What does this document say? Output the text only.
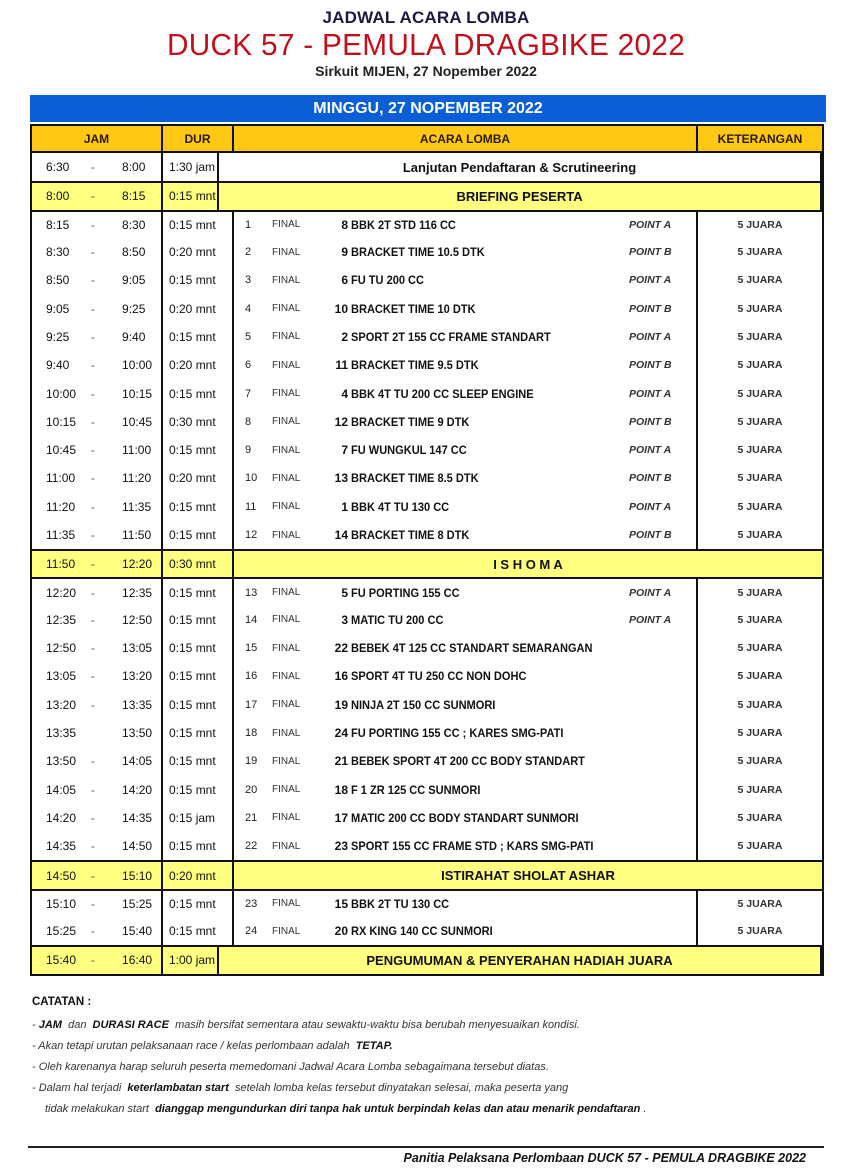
JADWAL ACARA LOMBA
DUCK 57 - PEMULA DRAGBIKE 2022
Sirkuit MIJEN, 27 Nopember 2022
MINGGU, 27 NOPEMBER 2022
JAM	DUR	ACARA LOMBA	KETERANGAN
6:30	-	8:00	1:30 jam	Lanjutan Pendaftaran & Scrutineering
8:00	-	8:15	0:15 mnt	BRIEFING PESERTA
8:15	-	8:30	0:15 mnt	1 FINAL	8 BBK 2T STD 116 CC	POINT A	5 JUARA
8:30	-	8:50	0:20 mnt	2 FINAL	9 BRACKET TIME 10.5 DTK	POINT B	5 JUARA
8:50	-	9:05	0:15 mnt	3 FINAL	6 FU TU 200 CC	POINT A	5 JUARA
9:05	-	9:25	0:20 mnt	4 FINAL	10 BRACKET TIME 10 DTK	POINT B	5 JUARA
9:25	-	9:40	0:15 mnt	5 FINAL	2 SPORT 2T 155 CC FRAME STANDART	POINT A	5 JUARA
9:40	-	10:00	0:20 mnt	6 FINAL	11 BRACKET TIME 9.5 DTK	POINT B	5 JUARA
10:00	-	10:15	0:15 mnt	7 FINAL	4 BBK 4T TU 200 CC SLEEP ENGINE	POINT A	5 JUARA
10:15	-	10:45	0:30 mnt	8 FINAL	12 BRACKET TIME 9 DTK	POINT B	5 JUARA
10:45	-	11:00	0:15 mnt	9 FINAL	7 FU WUNGKUL 147 CC	POINT A	5 JUARA
11:00	-	11:20	0:20 mnt	10 FINAL	13 BRACKET TIME 8.5 DTK	POINT B	5 JUARA
11:20	-	11:35	0:15 mnt	11 FINAL	1 BBK 4T TU 130 CC	POINT A	5 JUARA
11:35	-	11:50	0:15 mnt	12 FINAL	14 BRACKET TIME 8 DTK	POINT B	5 JUARA
11:50	-	12:20	0:30 mnt	I S H O M A
12:20	-	12:35	0:15 mnt	13 FINAL	5 FU PORTING 155 CC	POINT A	5 JUARA
12:35	-	12:50	0:15 mnt	14 FINAL	3 MATIC TU 200 CC	POINT A	5 JUARA
12:50	-	13:05	0:15 mnt	15 FINAL	22 BEBEK 4T 125 CC STANDART SEMARANGAN	5 JUARA
13:05	-	13:20	0:15 mnt	16 FINAL	16 SPORT 4T TU 250 CC NON DOHC	5 JUARA
13:20	-	13:35	0:15 mnt	17 FINAL	19 NINJA 2T 150 CC SUNMORI	5 JUARA
13:35	13:50	0:15 mnt	18 FINAL	24 FU PORTING 155 CC ; KARES SMG-PATI	5 JUARA
13:50	-	14:05	0:15 mnt	19 FINAL	21 BEBEK SPORT 4T 200 CC BODY STANDART	5 JUARA
14:05	-	14:20	0:15 mnt	20 FINAL	18 F 1 ZR 125 CC SUNMORI	5 JUARA
14:20	-	14:35	0:15 jam	21 FINAL	17 MATIC 200 CC BODY STANDART SUNMORI	5 JUARA
14:35	-	14:50	0:15 mnt	22 FINAL	23 SPORT 155 CC FRAME STD ; KARS SMG-PATI	5 JUARA
14:50	-	15:10	0:20 mnt	ISTIRAHAT SHOLAT ASHAR
15:10	-	15:25	0:15 mnt	23 FINAL	15 BBK 2T TU 130 CC	5 JUARA
15:25	-	15:40	0:15 mnt	24 FINAL	20 RX KING 140 CC SUNMORI	5 JUARA
15:40	-	16:40	1:00 jam	PENGUMUMAN & PENYERAHAN HADIAH JUARA
CATATAN :
- JAM  dan  DURASI RACE  masih bersifat sementara atau sewaktu-waktu bisa berubah menyesuaikan kondisi.
- Akan tetapi urutan pelaksanaan race / kelas perlombaan adalah  TETAP.
- Oleh karenanya harap seluruh peserta memedomani Jadwal Acara Lomba sebagaimana tersebut diatas.
- Dalam hal terjadi  keterlambatan start  setelah lomba kelas tersebut dinyatakan selesai, maka peserta yang
tidak melakukan start  dianggap mengundurkan diri tanpa hak untuk berpindah kelas dan atau menarik pendaftaran .
Panitia Pelaksana Perlombaan DUCK 57 - PEMULA DRAGBIKE 2022
